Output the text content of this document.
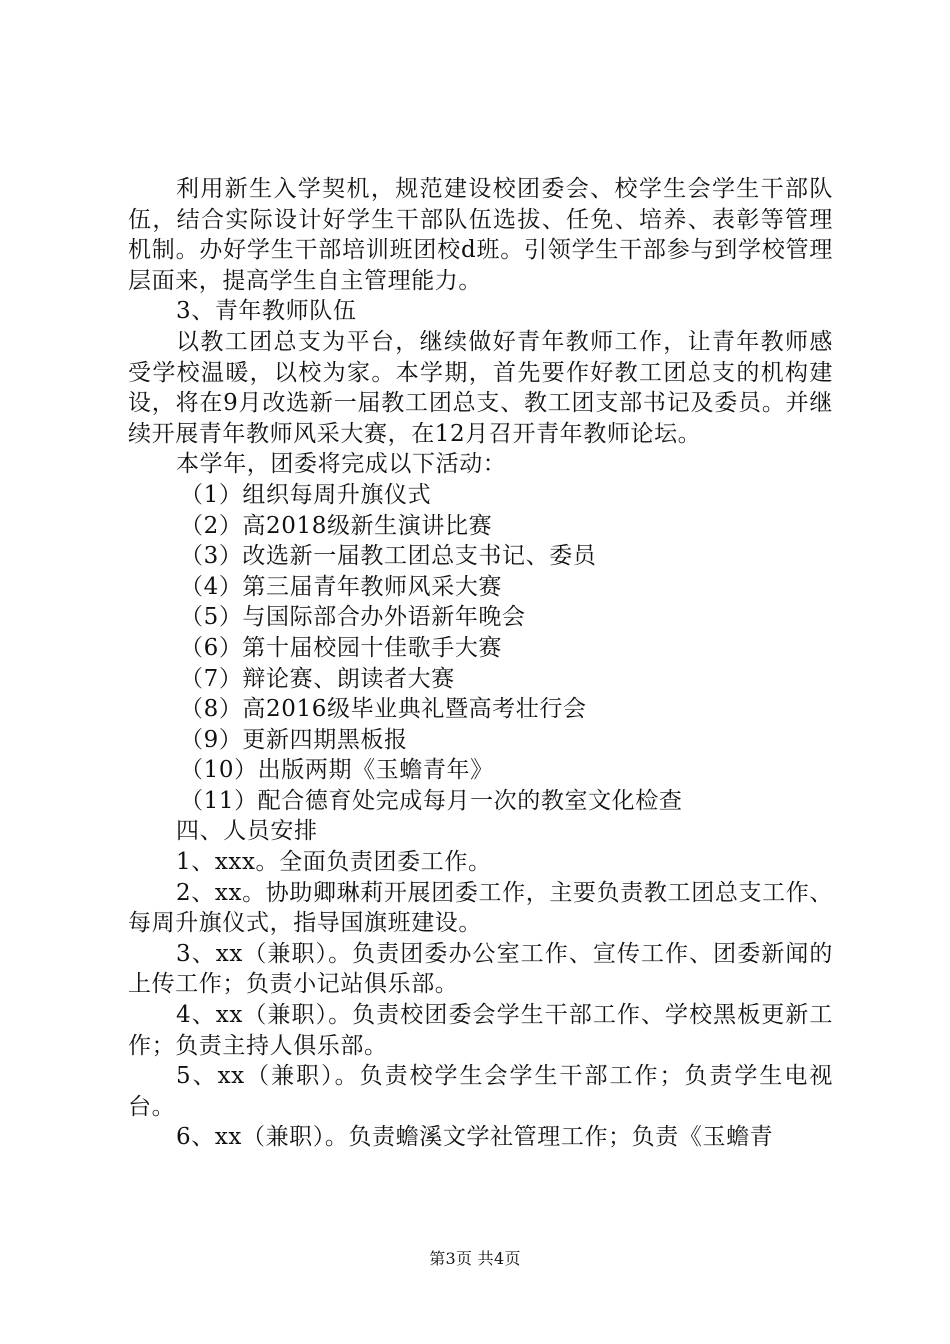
利用新生入学契机，规范建设校团委会、校学生会学生干部队伍，结合实际设计好学生干部队伍选拔、任免、培养、表彰等管理机制。办好学生干部培训班团校d班。引领学生干部参与到学校管理层面来，提高学生自主管理能力。

3、青年教师队伍

以教工团总支为平台，继续做好青年教师工作，让青年教师感受学校温暖，以校为家。本学期，首先要作好教工团总支的机构建设，将在9月改选新一届教工团总支、教工团支部书记及委员。并继续开展青年教师风采大赛，在12月召开青年教师论坛。

本学年，团委将完成以下活动：

（1）组织每周升旗仪式

（2）高2018级新生演讲比赛

（3）改选新一届教工团总支书记、委员

（4）第三届青年教师风采大赛

（5）与国际部合办外语新年晚会

（6）第十届校园十佳歌手大赛

（7）辩论赛、朗读者大赛

（8）高2016级毕业典礼暨高考壮行会

（9）更新四期黑板报

（10）出版两期《玉蟾青年》

（11）配合德育处完成每月一次的教室文化检查

四、人员安排

1、xxx。全面负责团委工作。

2、xx。协助卿琳莉开展团委工作，主要负责教工团总支工作、每周升旗仪式，指导国旗班建设。

3、xx（兼职）。负责团委办公室工作、宣传工作、团委新闻的上传工作；负责小记站俱乐部。

4、xx（兼职）。负责校团委会学生干部工作、学校黑板更新工作；负责主持人俱乐部。

5、xx（兼职）。负责校学生会学生干部工作；负责学生电视台。

6、xx（兼职）。负责蟾溪文学社管理工作；负责《玉蟾青

第3页 共4页
